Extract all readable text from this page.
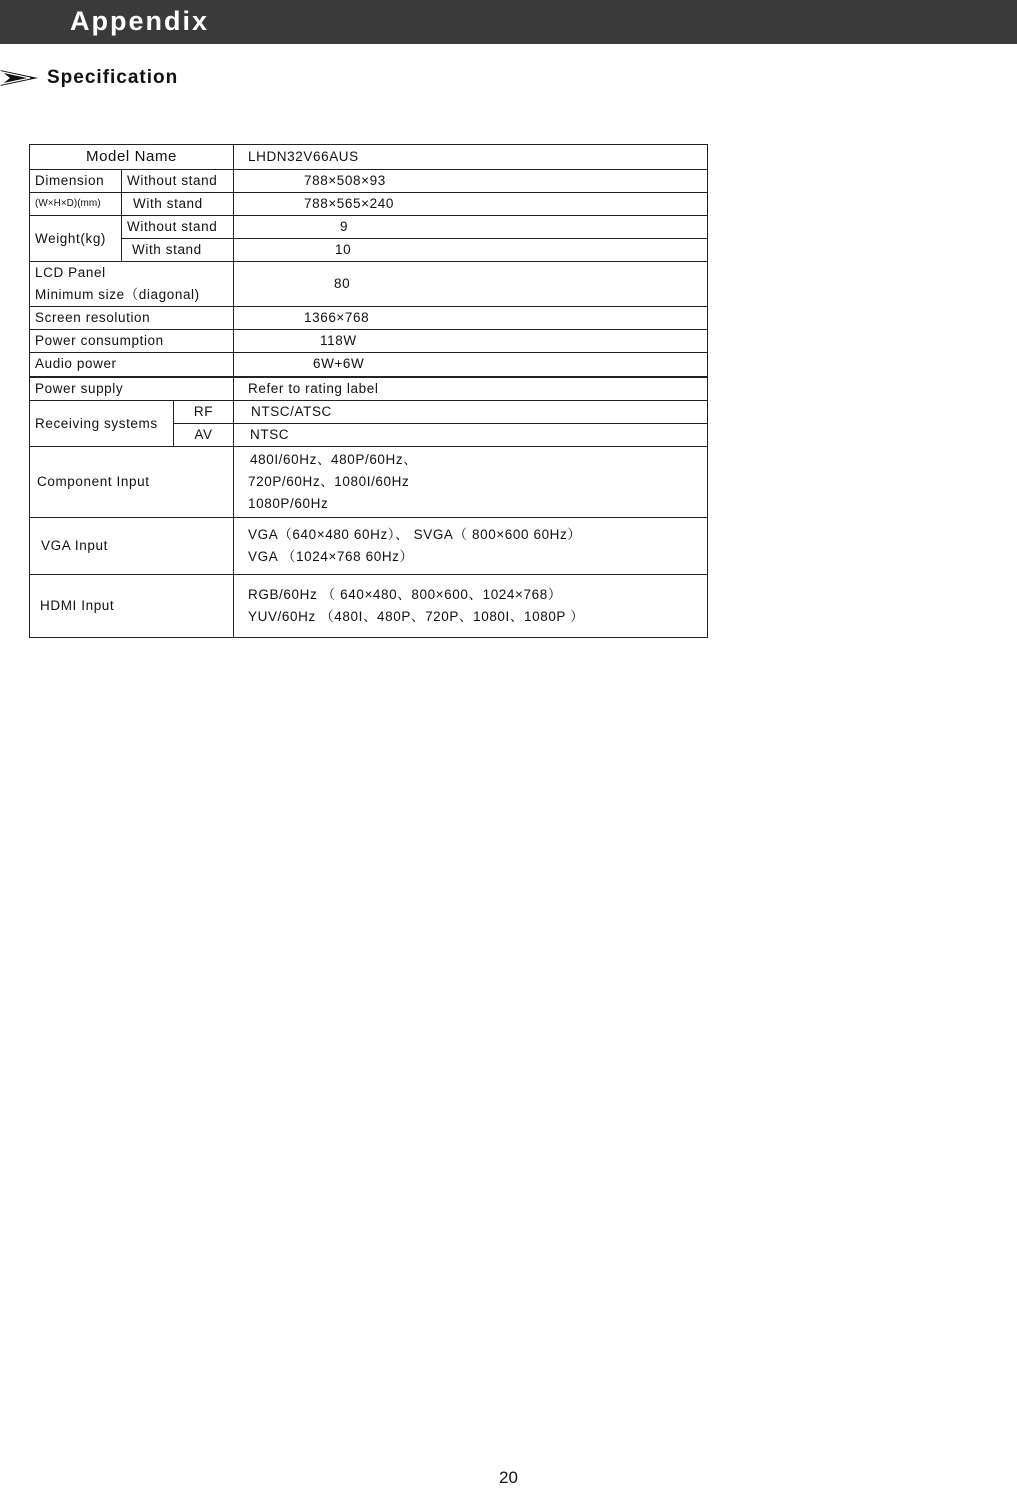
Appendix
Specification
Model Name			LHDN32V66AUS
Dimension	Without stand		788×508×93
(W×H×D)(mm)	With stand		788×565×240
Weight(kg)	Without stand		9
	With stand		10

LCD Panel
Minimum size（diagonal)			80
Screen resolution			1366×768
Power consumption			118W
Audio power			6W+6W
Power supply			Refer to rating label
Receiving systems		RF	NTSC/ATSC
		AV	NTSC
Component Input			480I/60Hz、480P/60Hz、
720P/60Hz、1080I/60Hz
1080P/60Hz

VGA Input			VGA（640×480 60Hz）、 SVGA（ 800×600 60Hz）
VGA （1024×768 60Hz）

HDMI Input			RGB/60Hz （ 640×480、800×600、1024×768）
YUV/60Hz （480I、480P、720P、1080I、1080P ）
20
